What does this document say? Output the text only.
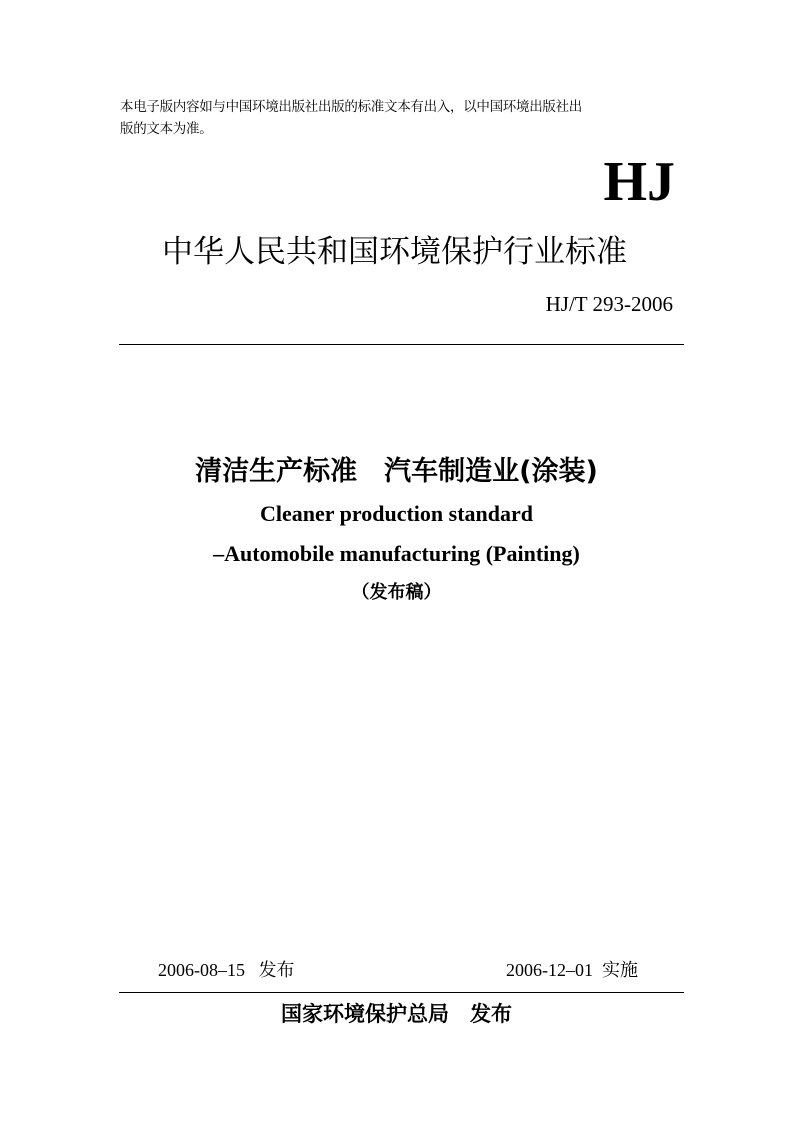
本电子版内容如与中国环境出版社出版的标准文本有出入，以中国环境出版社出
版的文本为准。
HJ
中华人民共和国环境保护行业标准
HJ/T 293-2006
清洁生产标准　汽车制造业(涂装)
Cleaner production standard
–Automobile manufacturing (Painting)
（发布稿）
2006-08–15 发布	2006-12–01 实施
国家环境保护总局　发布
